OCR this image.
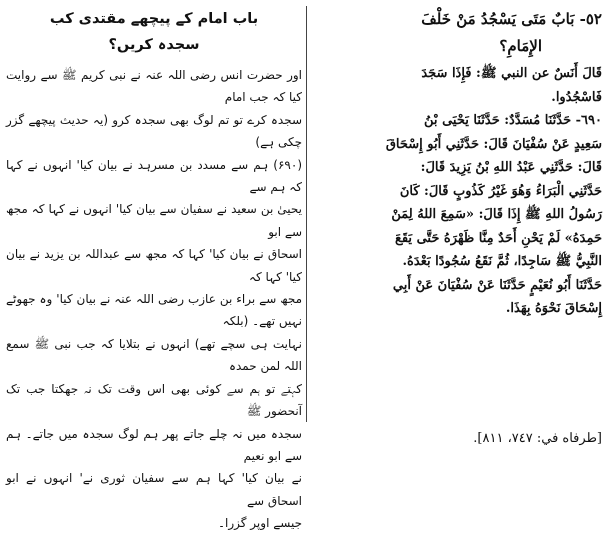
٥٢- بَابٌ مَتَى يَسْجُدُ مَنْ خَلْفَ
الإِمَامِ؟

قَالَ أَنَسٌ عن النبي ﷺ: فَإِذَا سَجَدَ

فَاسْجُدُوا.

٦٩٠- حَدَّثَنَا مُسَدَّدٌ: حَدَّثَنَا يَحْيَى بْنُ

سَعِيدٍ عَنْ سُفْيَانَ قَالَ: حَدَّثَنِي أَبُو إِسْحَاقَ

قَالَ: حَدَّثَنِي عَبْدُ اللهِ بْنُ يَزِيدَ قَالَ:

حَدَّثَنِي الْبَرَاءُ وَهُوَ غَيْرُ كَذُوبٍ قَالَ: كَانَ

رَسُولُ اللهِ ﷺ إِذَا قَالَ: «سَمِعَ اللهُ لِمَنْ

حَمِدَهُ» لَمْ يَحْنِ أَحَدٌ مِنَّا ظَهْرَهُ حَتَّى يَقَعَ

النَّبِيُّ ﷺ سَاجِدًا، ثُمَّ نَقَعُ سُجُودًا بَعْدَهُ.

حَدَّثَنَا أَبُو نُعَيْمٍ حَدَّثَنَا عَنْ سُفْيَانَ عَنْ أَبِي

إِسْحَاقَ نَحْوَهُ بِهَذَا.

باب امام کے پیچھے مقتدی کب
سجدہ کریں؟

اور حضرت انس رضی اللہ عنہ نے نبی کریم ﷺ سے روایت کیا کہ جب امام

سجدہ کرے تو تم لوگ بھی سجدہ کرو (یہ حدیث پیچھے گزر چکی ہے)

(۶۹۰) ہم سے مسدد بن مسرہد نے بیان کیا' انہوں نے کہا کہ ہم سے

یحییٰ بن سعید نے سفیان سے بیان کیا' انہوں نے کہا کہ مجھ سے ابو

اسحاق نے بیان کیا' کہا کہ مجھ سے عبداللہ بن یزید نے بیان کیا' کہا کہ

مجھ سے براء بن عازب رضی اللہ عنہ نے بیان کیا' وہ جھوٹے نہیں تھے۔ (بلکہ

نہایت ہی سچے تھے) انہوں نے بتلایا کہ جب نبی ﷺ سمع اللہ لمن حمدہ

کہتے تو ہم سے کوئی بھی اس وقت تک نہ جھکتا جب تک آنحضور ﷺ

سجدہ میں نہ چلے جاتے پھر ہم لوگ سجدہ میں جاتے۔ ہم سے ابو نعیم

نے بیان کیا' کہا ہم سے سفیان ثوری نے' انہوں نے ابو اسحاق سے

جیسے اوپر گزرا۔

[طرفاه في: ٧٤٧، ٨١١].
